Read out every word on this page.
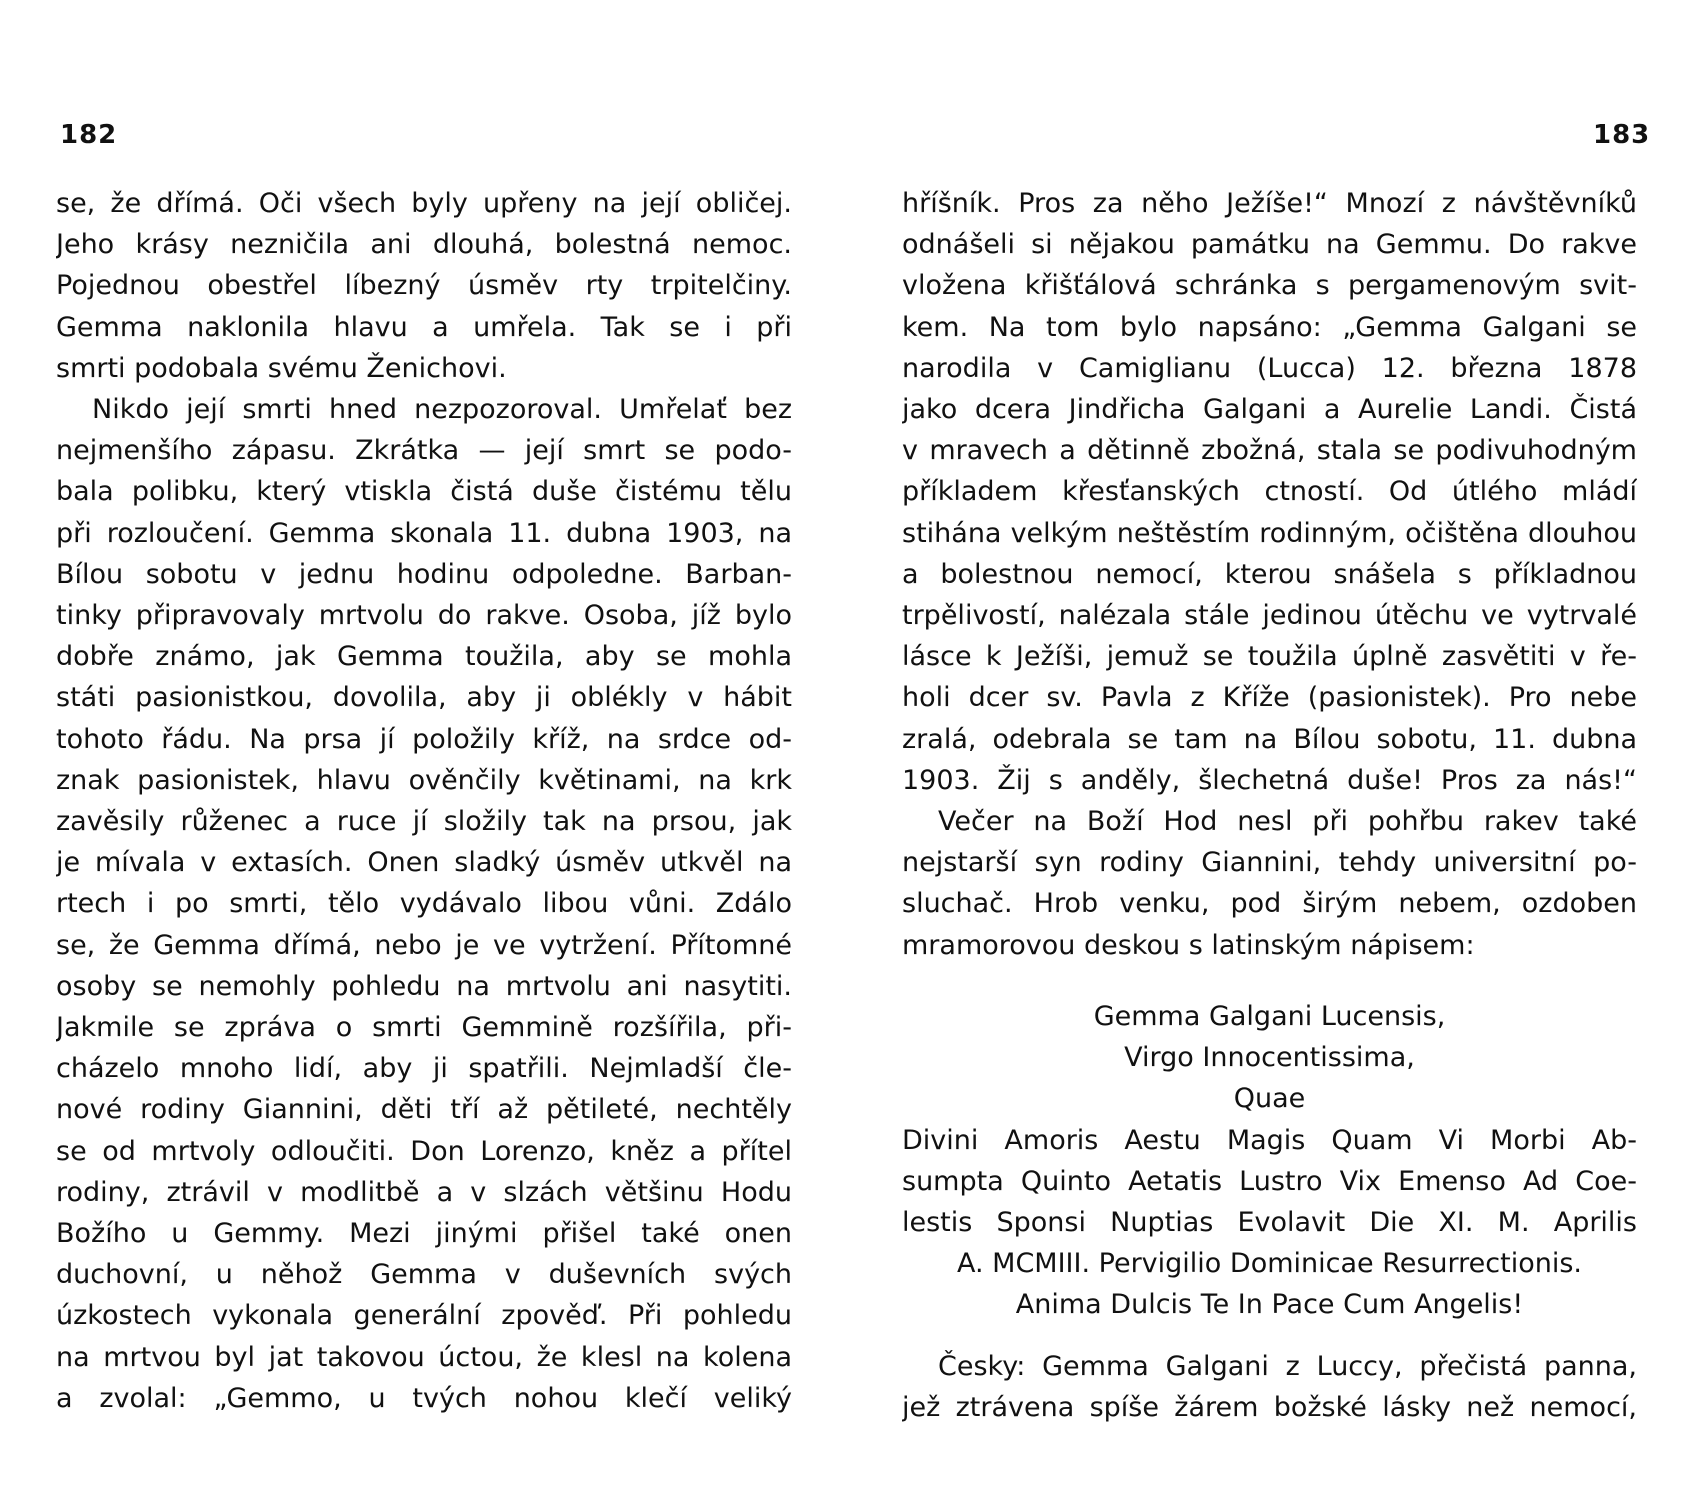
182
se, že dřímá. Oči všech byly upřeny na její obličej.
Jeho krásy nezničila ani dlouhá, bolestná nemoc.
Pojednou obestřel líbezný úsměv rty trpitelčiny.
Gemma naklonila hlavu a umřela. Tak se i při
smrti podobala svému Ženichovi.
Nikdo její smrti hned nezpozoroval. Umřelať bez
nejmenšího zápasu. Zkrátka — její smrt se podo-
bala polibku, který vtiskla čistá duše čistému tělu
při rozloučení. Gemma skonala 11. dubna 1903, na
Bílou sobotu v jednu hodinu odpoledne. Barban-
tinky připravovaly mrtvolu do rakve. Osoba, jíž bylo
dobře známo, jak Gemma toužila, aby se mohla
státi pasionistkou, dovolila, aby ji oblékly v hábit
tohoto řádu. Na prsa jí položily kříž, na srdce od-
znak pasionistek, hlavu ověnčily květinami, na krk
zavěsily růženec a ruce jí složily tak na prsou, jak
je mívala v extasích. Onen sladký úsměv utkvěl na
rtech i po smrti, tělo vydávalo libou vůni. Zdálo
se, že Gemma dřímá, nebo je ve vytržení. Přítomné
osoby se nemohly pohledu na mrtvolu ani nasytiti.
Jakmile se zpráva o smrti Gemmině rozšířila, při-
cházelo mnoho lidí, aby ji spatřili. Nejmladší čle-
nové rodiny Giannini, děti tří až pětileté, nechtěly
se od mrtvoly odloučiti. Don Lorenzo, kněz a přítel
rodiny, ztrávil v modlitbě a v slzách většinu Hodu
Božího u Gemmy. Mezi jinými přišel také onen
duchovní, u něhož Gemma v duševních svých
úzkostech vykonala generální zpověď. Při pohledu
na mrtvou byl jat takovou úctou, že klesl na kolena
a zvolal: „Gemmo, u tvých nohou klečí veliký
183
hříšník. Pros za něho Ježíše!“ Mnozí z návštěvníků
odnášeli si nějakou památku na Gemmu. Do rakve
vložena křišťálová schránka s pergamenovým svit-
kem. Na tom bylo napsáno: „Gemma Galgani se
narodila v Camiglianu (Lucca) 12. března 1878
jako dcera Jindřicha Galgani a Aurelie Landi. Čistá
v mravech a dětinně zbožná, stala se podivuhodným
příkladem křesťanských ctností. Od útlého mládí
stihána velkým neštěstím rodinným, očištěna dlouhou
a bolestnou nemocí, kterou snášela s příkladnou
trpělivostí, nalézala stále jedinou útěchu ve vytrvalé
lásce k Ježíši, jemuž se toužila úplně zasvětiti v ře-
holi dcer sv. Pavla z Kříže (pasionistek). Pro nebe
zralá, odebrala se tam na Bílou sobotu, 11. dubna
1903. Žij s anděly, šlechetná duše! Pros za nás!“
Večer na Boží Hod nesl při pohřbu rakev také
nejstarší syn rodiny Giannini, tehdy universitní po-
sluchač. Hrob venku, pod širým nebem, ozdoben
mramorovou deskou s latinským nápisem:
Gemma Galgani Lucensis,
Virgo Innocentissima,
Quae
Divini Amoris Aestu Magis Quam Vi Morbi Ab-
sumpta Quinto Aetatis Lustro Vix Emenso Ad Coe-
lestis Sponsi Nuptias Evolavit Die XI. M. Aprilis
A. MCMIII. Pervigilio Dominicae Resurrectionis.
Anima Dulcis Te In Pace Cum Angelis!
Česky: Gemma Galgani z Luccy, přečistá panna,
jež ztrávena spíše žárem božské lásky než nemocí,
